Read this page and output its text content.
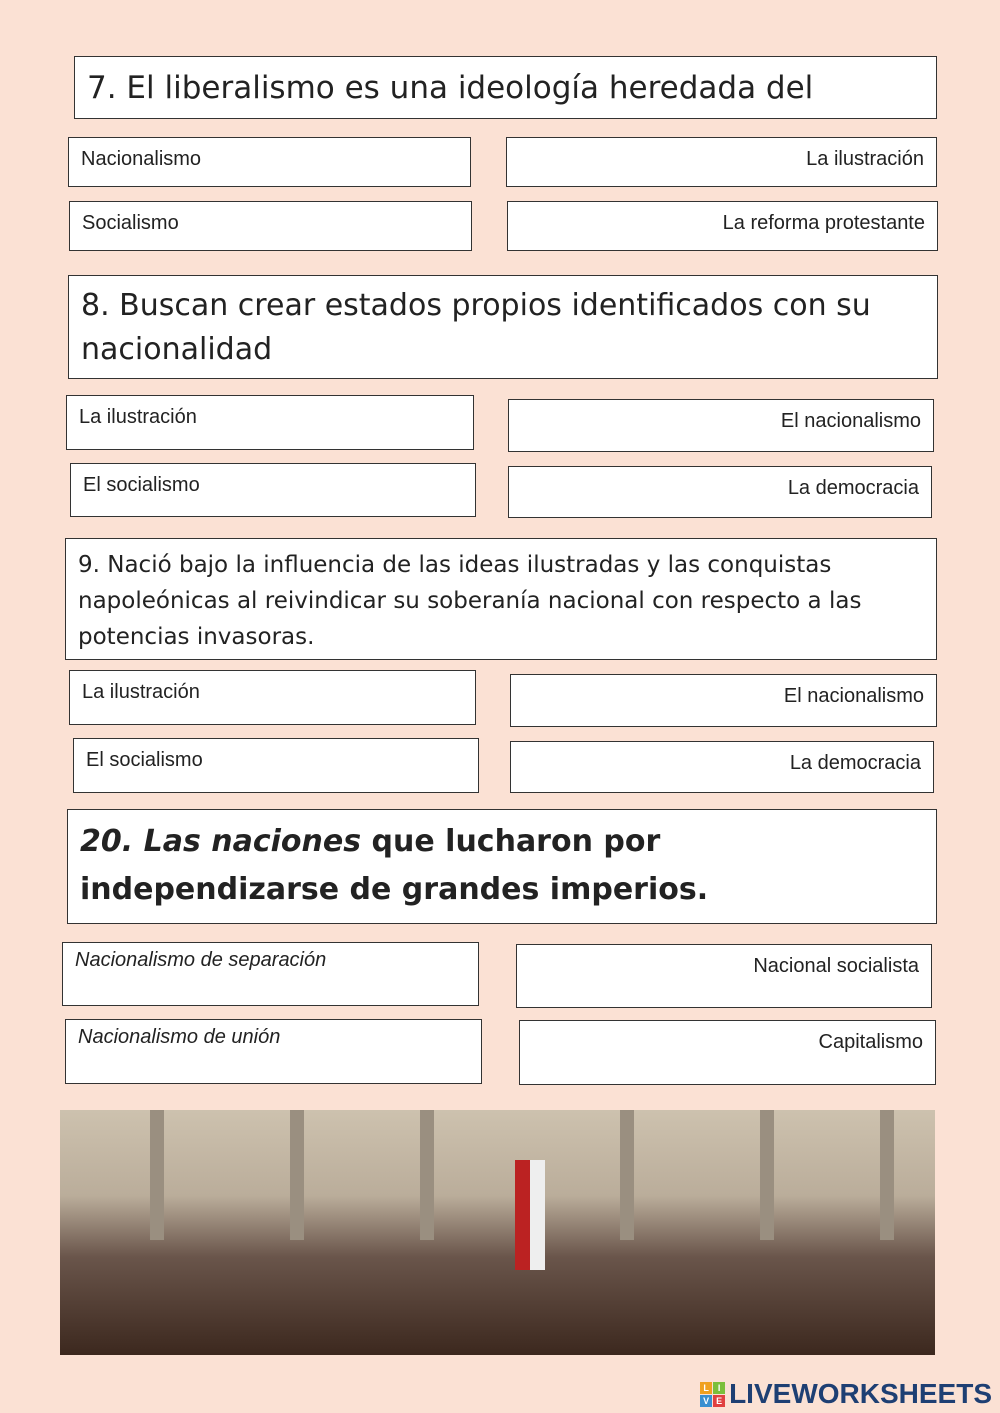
7. El liberalismo es una ideología heredada del
Nacionalismo	La ilustración
Socialismo	La reforma protestante
8. Buscan crear estados propios identificados con su nacionalidad
La ilustración	El nacionalismo
El socialismo	La democracia
9. Nació bajo la influencia de las ideas ilustradas y las conquistas napoleónicas al reivindicar su soberanía nacional con respecto a las potencias invasoras.
La ilustración	El nacionalismo
El socialismo	La democracia
20. Las naciones que lucharon por independizarse de grandes imperios.
Nacionalismo de separación	Nacional socialista
Nacionalismo de unión	Capitalismo
L I
V E LIVEWORKSHEETS
